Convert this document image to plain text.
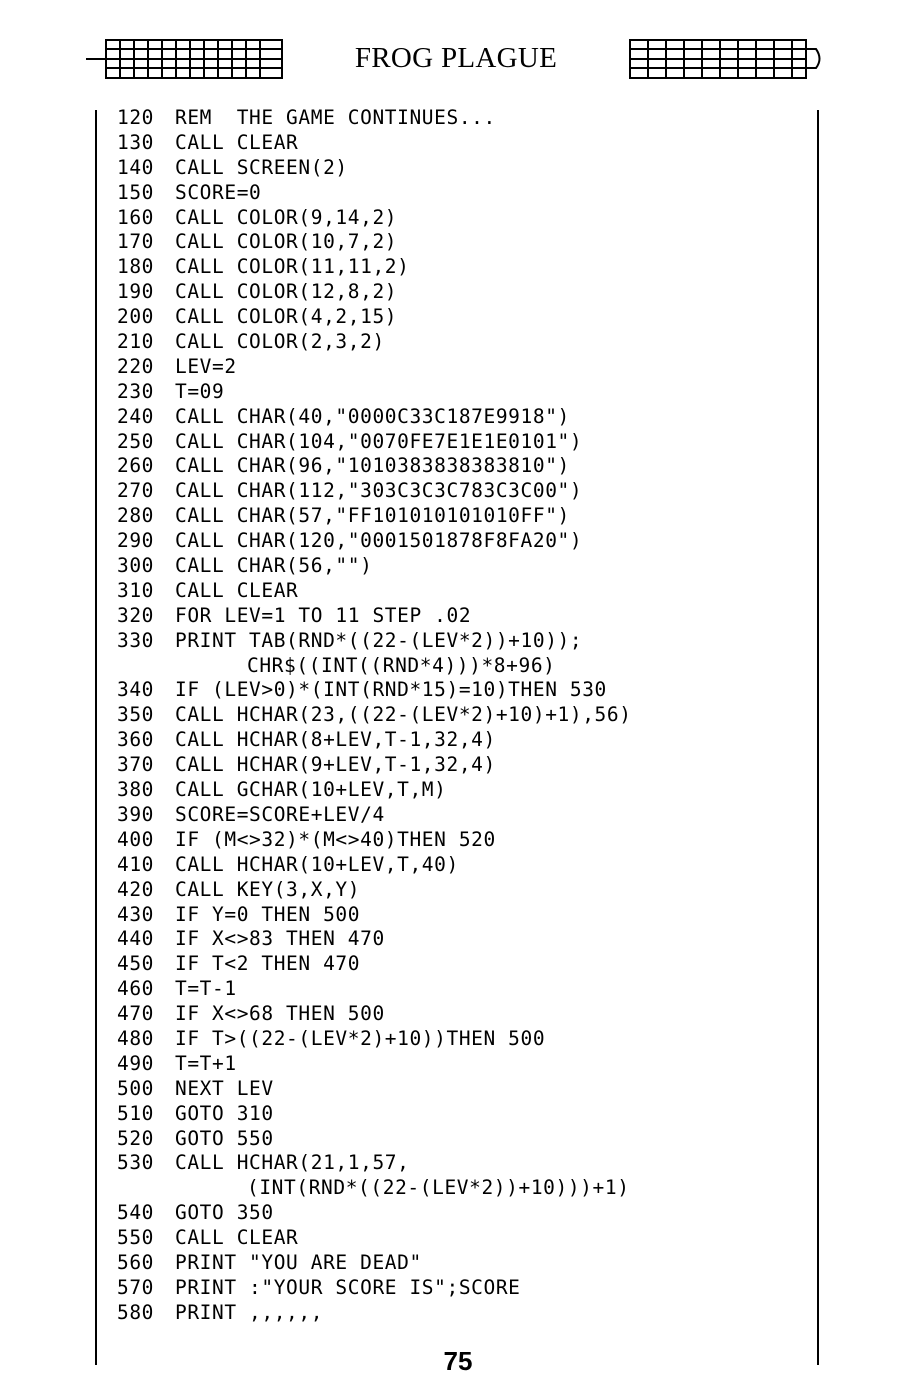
FROG PLAGUE
120	REM  THE GAME CONTINUES...
130	CALL CLEAR
140	CALL SCREEN(2)
150	SCORE=0
160	CALL COLOR(9,14,2)
170	CALL COLOR(10,7,2)
180	CALL COLOR(11,11,2)
190	CALL COLOR(12,8,2)
200	CALL COLOR(4,2,15)
210	CALL COLOR(2,3,2)
220	LEV=2
230	T=09
240	CALL CHAR(40,"0000C33C187E9918")
250	CALL CHAR(104,"0070FE7E1E1E0101")
260	CALL CHAR(96,"1010383838383810")
270	CALL CHAR(112,"303C3C3C783C3C00")
280	CALL CHAR(57,"FF101010101010FF")
290	CALL CHAR(120,"0001501878F8FA20")
300	CALL CHAR(56,"")
310	CALL CLEAR
320	FOR LEV=1 TO 11 STEP .02
330	PRINT TAB(RND*((22-(LEV*2))+10));
CHR$((INT((RND*4)))*8+96)
340	IF (LEV>0)*(INT(RND*15)=10)THEN 530
350	CALL HCHAR(23,((22-(LEV*2)+10)+1),56)
360	CALL HCHAR(8+LEV,T-1,32,4)
370	CALL HCHAR(9+LEV,T-1,32,4)
380	CALL GCHAR(10+LEV,T,M)
390	SCORE=SCORE+LEV/4
400	IF (M<>32)*(M<>40)THEN 520
410	CALL HCHAR(10+LEV,T,40)
420	CALL KEY(3,X,Y)
430	IF Y=0 THEN 500
440	IF X<>83 THEN 470
450	IF T<2 THEN 470
460	T=T-1
470	IF X<>68 THEN 500
480	IF T>((22-(LEV*2)+10))THEN 500
490	T=T+1
500	NEXT LEV
510	GOTO 310
520	GOTO 550
530	CALL HCHAR(21,1,57,
(INT(RND*((22-(LEV*2))+10)))+1)
540	GOTO 350
550	CALL CLEAR
560	PRINT "YOU ARE DEAD"
570	PRINT :"YOUR SCORE IS";SCORE
580	PRINT ,,,,,,
75
